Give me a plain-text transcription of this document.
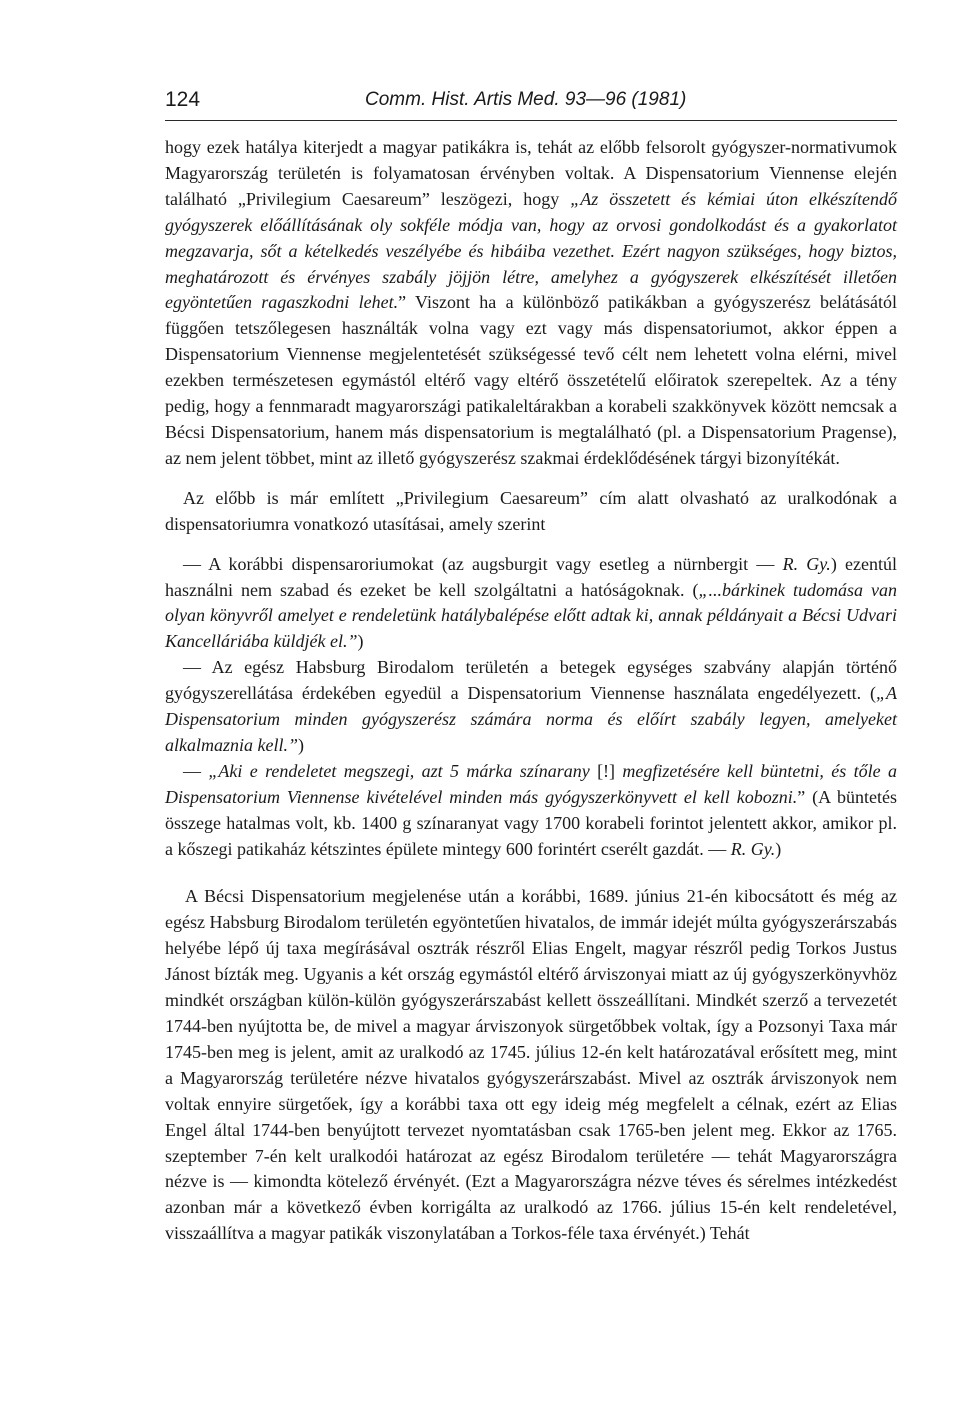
124	Comm. Hist. Artis Med. 93—96 (1981)

hogy ezek hatálya kiterjedt a magyar patikákra is, tehát az előbb felsorolt gyógyszer-normativumok Magyarország területén is folyamatosan érvényben voltak. A Dispensatorium Viennense elején található „Privilegium Caesareum” leszögezi, hogy „Az összetett és kémiai úton elkészítendő gyógyszerek előállításának oly sokféle módja van, hogy az orvosi gondolkodást és a gyakorlatot megzavarja, sőt a kételkedés veszélyébe és hibáiba vezethet. Ezért nagyon szükséges, hogy biztos, meghatározott és érvényes szabály jöjjön létre, amelyhez a gyógyszerek elkészítését illetően egyöntetűen ragaszkodni lehet.” Viszont ha a különböző patikákban a gyógyszerész belátásától függően tetszőlegesen használták volna vagy ezt vagy más dispensatoriumot, akkor éppen a Dispensatorium Viennense megjelentetését szükségessé tevő célt nem lehetett volna elérni, mivel ezekben természetesen egymástól eltérő vagy eltérő összetételű előiratok szerepeltek. Az a tény pedig, hogy a fennmaradt magyarországi patikaleltárakban a korabeli szakkönyvek között nemcsak a Bécsi Dispensatorium, hanem más dispensatorium is megtalálható (pl. a Dispensatorium Pragense), az nem jelent többet, mint az illető gyógyszerész szakmai érdeklődésének tárgyi bizonyítékát.

Az előbb is már említett „Privilegium Caesareum” cím alatt olvasható az uralkodónak a dispensatoriumra vonatkozó utasításai, amely szerint

— A korábbi dispensaroriumokat (az augsburgit vagy esetleg a nürnbergit — R. Gy.) ezentúl használni nem szabad és ezeket be kell szolgáltatni a hatóságoknak. („...bárkinek tudomása van olyan könyvről amelyet e rendeletünk hatálybalépése előtt adtak ki, annak példányait a Bécsi Udvari Kancelláriába küldjék el.”)

— Az egész Habsburg Birodalom területén a betegek egységes szabvány alapján történő gyógyszerellátása érdekében egyedül a Dispensatorium Viennense használata engedélyezett. („A Dispensatorium minden gyógyszerész számára norma és előírt szabály legyen, amelyeket alkalmaznia kell.”)

— „Aki e rendeletet megszegi, azt 5 márka színarany [!] megfizetésére kell büntetni, és tőle a Dispensatorium Viennense kivételével minden más gyógyszerkönyvett el kell kobozni.” (A büntetés összege hatalmas volt, kb. 1400 g színaranyat vagy 1700 korabeli forintot jelentett akkor, amikor pl. a kőszegi patikaház kétszintes épülete mintegy 600 forintért cserélt gazdát. — R. Gy.)

A Bécsi Dispensatorium megjelenése után a korábbi, 1689. június 21-én kibocsátott és még az egész Habsburg Birodalom területén egyöntetűen hivatalos, de immár idejét múlta gyógyszerárszabás helyébe lépő új taxa megírásával osztrák részről Elias Engelt, magyar részről pedig Torkos Justus Jánost bízták meg. Ugyanis a két ország egymástól eltérő árviszonyai miatt az új gyógyszerkönyvhöz mindkét országban külön-külön gyógyszerárszabást kellett összeállítani. Mindkét szerző a tervezetét 1744-ben nyújtotta be, de mivel a magyar árviszonyok sürgetőbbek voltak, így a Pozsonyi Taxa már 1745-ben meg is jelent, amit az uralkodó az 1745. július 12-én kelt határozatával erősített meg, mint a Magyarország területére nézve hivatalos gyógyszerárszabást. Mivel az osztrák árviszonyok nem voltak ennyire sürgetőek, így a korábbi taxa ott egy ideig még megfelelt a célnak, ezért az Elias Engel által 1744-ben benyújtott tervezet nyomtatásban csak 1765-ben jelent meg. Ekkor az 1765. szeptember 7-én kelt uralkodói határozat az egész Birodalom területére — tehát Magyarországra nézve is — kimondta kötelező érvényét. (Ezt a Magyarországra nézve téves és sérelmes intézkedést azonban már a következő évben korrigálta az uralkodó az 1766. július 15-én kelt rendeletével, visszaállítva a magyar patikák viszonylatában a Torkos-féle taxa érvényét.) Tehát
